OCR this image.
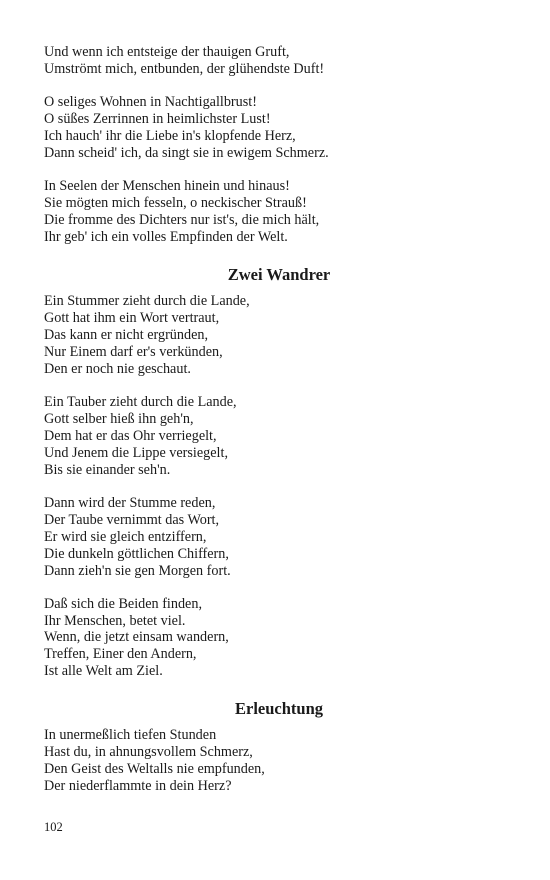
Und wenn ich entsteige der thauigen Gruft,
Umströmt mich, entbunden, der glühendste Duft!
O seliges Wohnen in Nachtigallbrust!
O süßes Zerrinnen in heimlichster Lust!
Ich hauch' ihr die Liebe in's klopfende Herz,
Dann scheid' ich, da singt sie in ewigem Schmerz.
In Seelen der Menschen hinein und hinaus!
Sie mögten mich fesseln, o neckischer Strauß!
Die fromme des Dichters nur ist's, die mich hält,
Ihr geb' ich ein volles Empfinden der Welt.
Zwei Wandrer
Ein Stummer zieht durch die Lande,
Gott hat ihm ein Wort vertraut,
Das kann er nicht ergründen,
Nur Einem darf er's verkünden,
Den er noch nie geschaut.
Ein Tauber zieht durch die Lande,
Gott selber hieß ihn geh'n,
Dem hat er das Ohr verriegelt,
Und Jenem die Lippe versiegelt,
Bis sie einander seh'n.
Dann wird der Stumme reden,
Der Taube vernimmt das Wort,
Er wird sie gleich entziffern,
Die dunkeln göttlichen Chiffern,
Dann zieh'n sie gen Morgen fort.
Daß sich die Beiden finden,
Ihr Menschen, betet viel.
Wenn, die jetzt einsam wandern,
Treffen, Einer den Andern,
Ist alle Welt am Ziel.
Erleuchtung
In unermeßlich tiefen Stunden
Hast du, in ahnungsvollem Schmerz,
Den Geist des Weltalls nie empfunden,
Der niederflammte in dein Herz?
102
